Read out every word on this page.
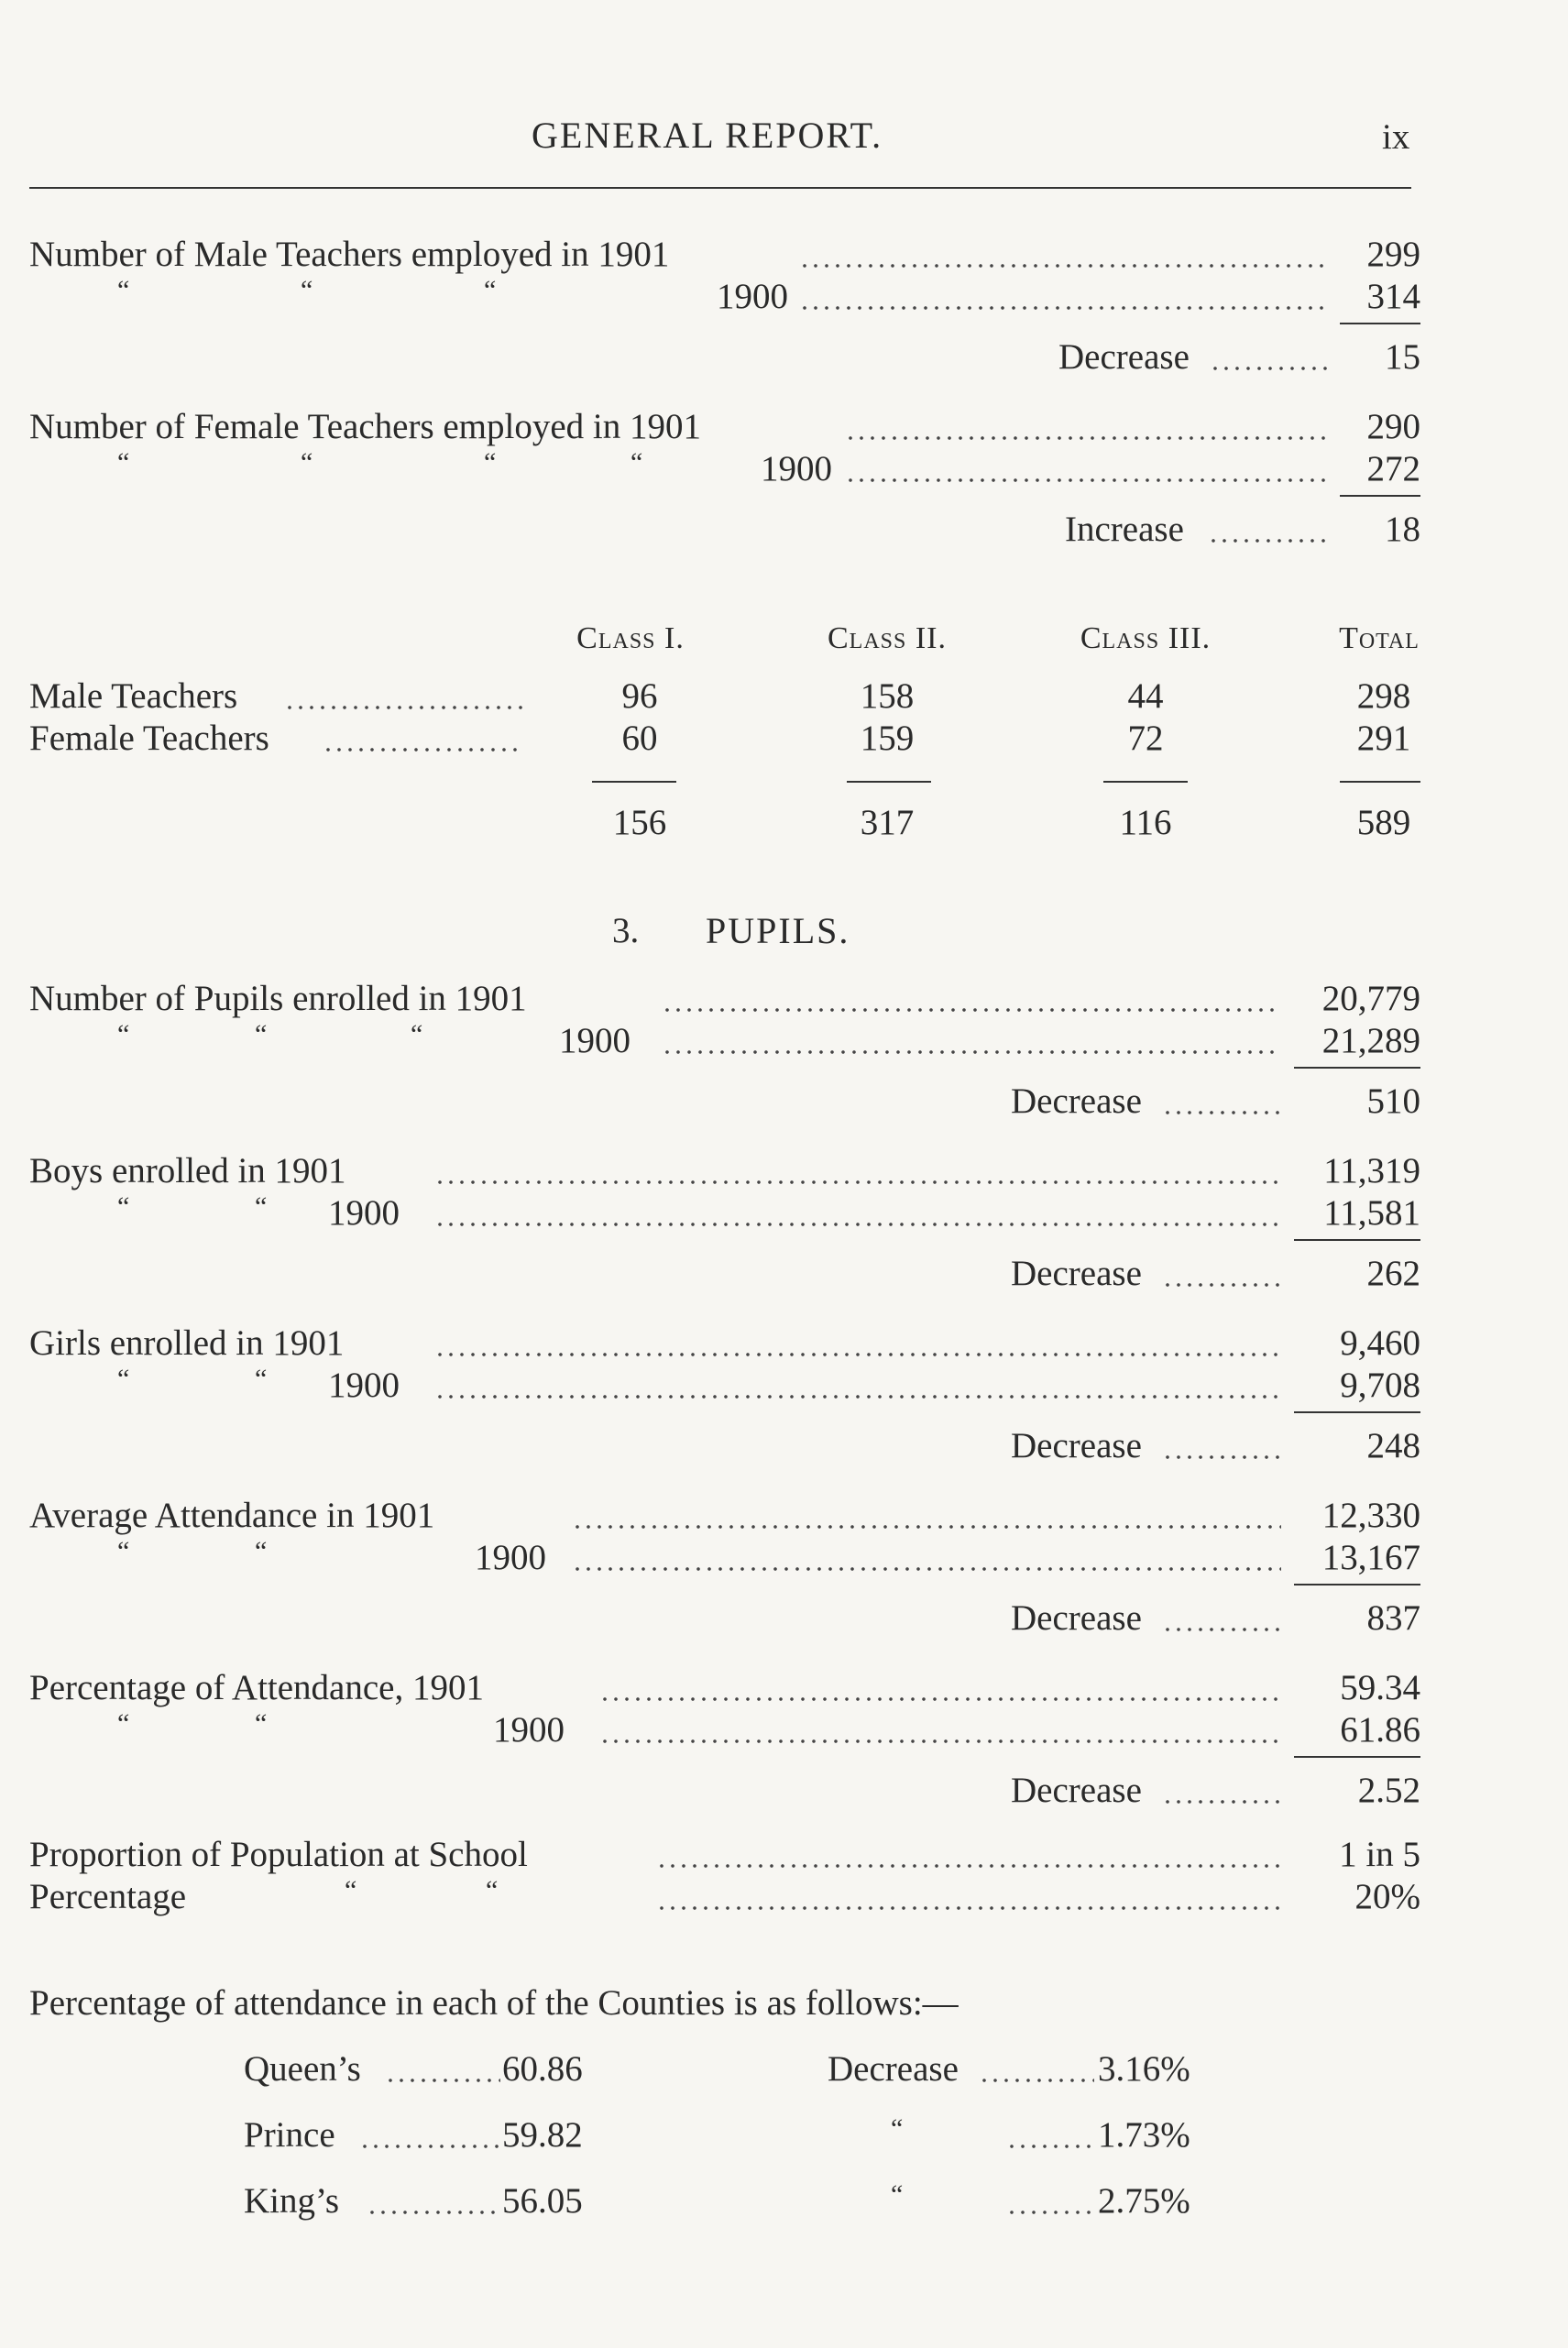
GENERAL REPORT.	ix
Number of Male Teachers employed in 1901	299
“	“	“	1900	314
Decrease	15
Number of Female Teachers employed in 1901	290
“	“	“	“	1900	272
Increase	18
Class I.	Class II.	Class III.	Total
Male Teachers	96	158	44	298
Female Teachers	60	159	72	291
156	317	116	589
3. PUPILS.
Number of Pupils enrolled in 1901	20,779
“	“	“	1900	21,289
Decrease	510
Boys enrolled in 1901	11,319
“	“ 1900	11,581
Decrease	262
Girls enrolled in 1901	9,460
“	“ 1900	9,708
Decrease	248
Average Attendance in 1901	12,330
“	“	1900	13,167
Decrease	837
Percentage of Attendance, 1901	59.34
“	“	1900	61.86
Decrease	2.52
Proportion of Population at School	1 in 5
Percentage	“	“	20%
Percentage of attendance in each of the Counties is as follows:—
Queen’s	60.86	Decrease	3.16%
Prince	59.82	“	1.73%
King’s	56.05	“	2.75%
